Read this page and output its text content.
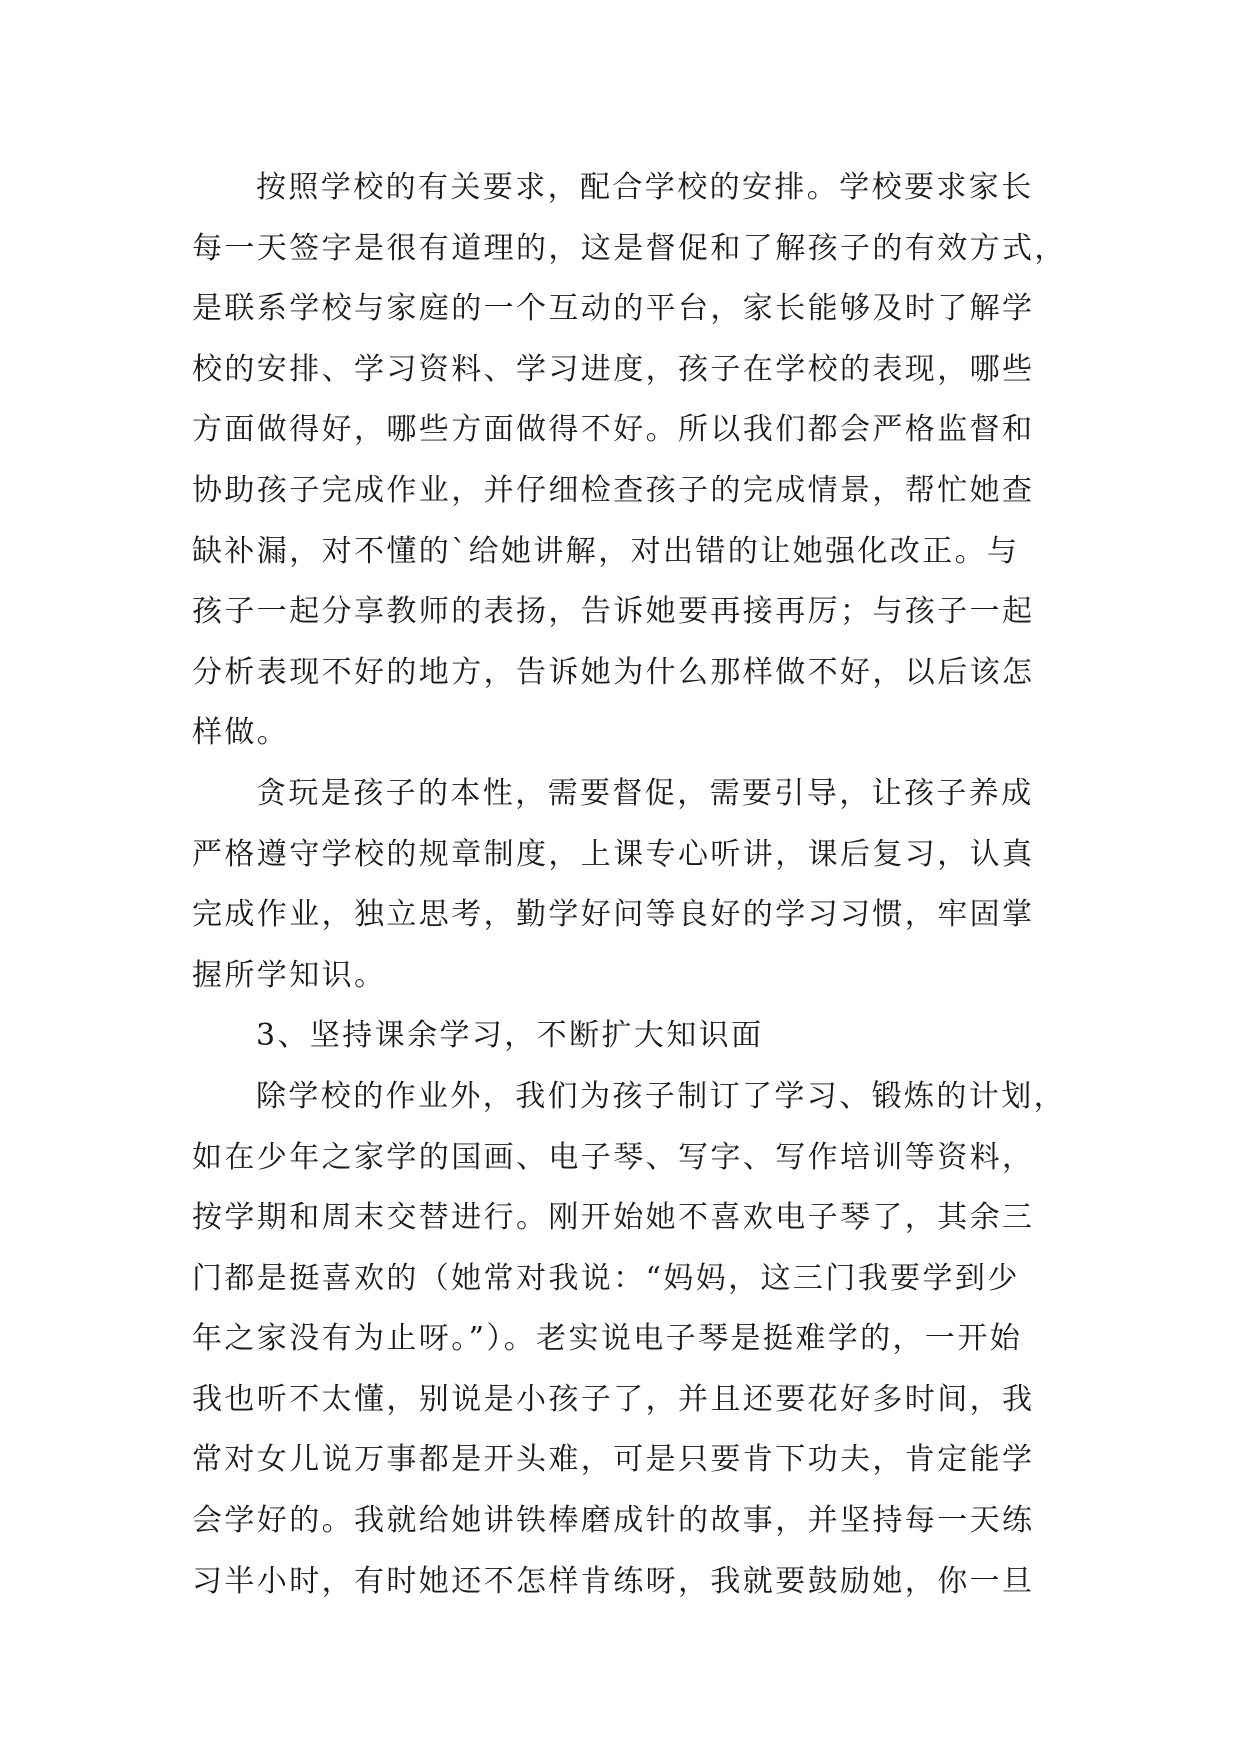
按照学校的有关要求，配合学校的安排。学校要求家长
每一天签字是很有道理的，这是督促和了解孩子的有效方式，
是联系学校与家庭的一个互动的平台，家长能够及时了解学
校的安排、学习资料、学习进度，孩子在学校的表现，哪些
方面做得好，哪些方面做得不好。所以我们都会严格监督和
协助孩子完成作业，并仔细检查孩子的完成情景，帮忙她查
缺补漏，对不懂的`给她讲解，对出错的让她强化改正。与
孩子一起分享教师的表扬，告诉她要再接再厉；与孩子一起
分析表现不好的地方，告诉她为什么那样做不好，以后该怎
样做。
贪玩是孩子的本性，需要督促，需要引导，让孩子养成
严格遵守学校的规章制度，上课专心听讲，课后复习，认真
完成作业，独立思考，勤学好问等良好的学习习惯，牢固掌
握所学知识。
3、坚持课余学习，不断扩大知识面
除学校的作业外，我们为孩子制订了学习、锻炼的计划，
如在少年之家学的国画、电子琴、写字、写作培训等资料，
按学期和周末交替进行。刚开始她不喜欢电子琴了，其余三
门都是挺喜欢的（她常对我说：“妈妈，这三门我要学到少
年之家没有为止呀。”）。老实说电子琴是挺难学的，一开始
我也听不太懂，别说是小孩子了，并且还要花好多时间，我
常对女儿说万事都是开头难，可是只要肯下功夫，肯定能学
会学好的。我就给她讲铁棒磨成针的故事，并坚持每一天练
习半小时，有时她还不怎样肯练呀，我就要鼓励她，你一旦
